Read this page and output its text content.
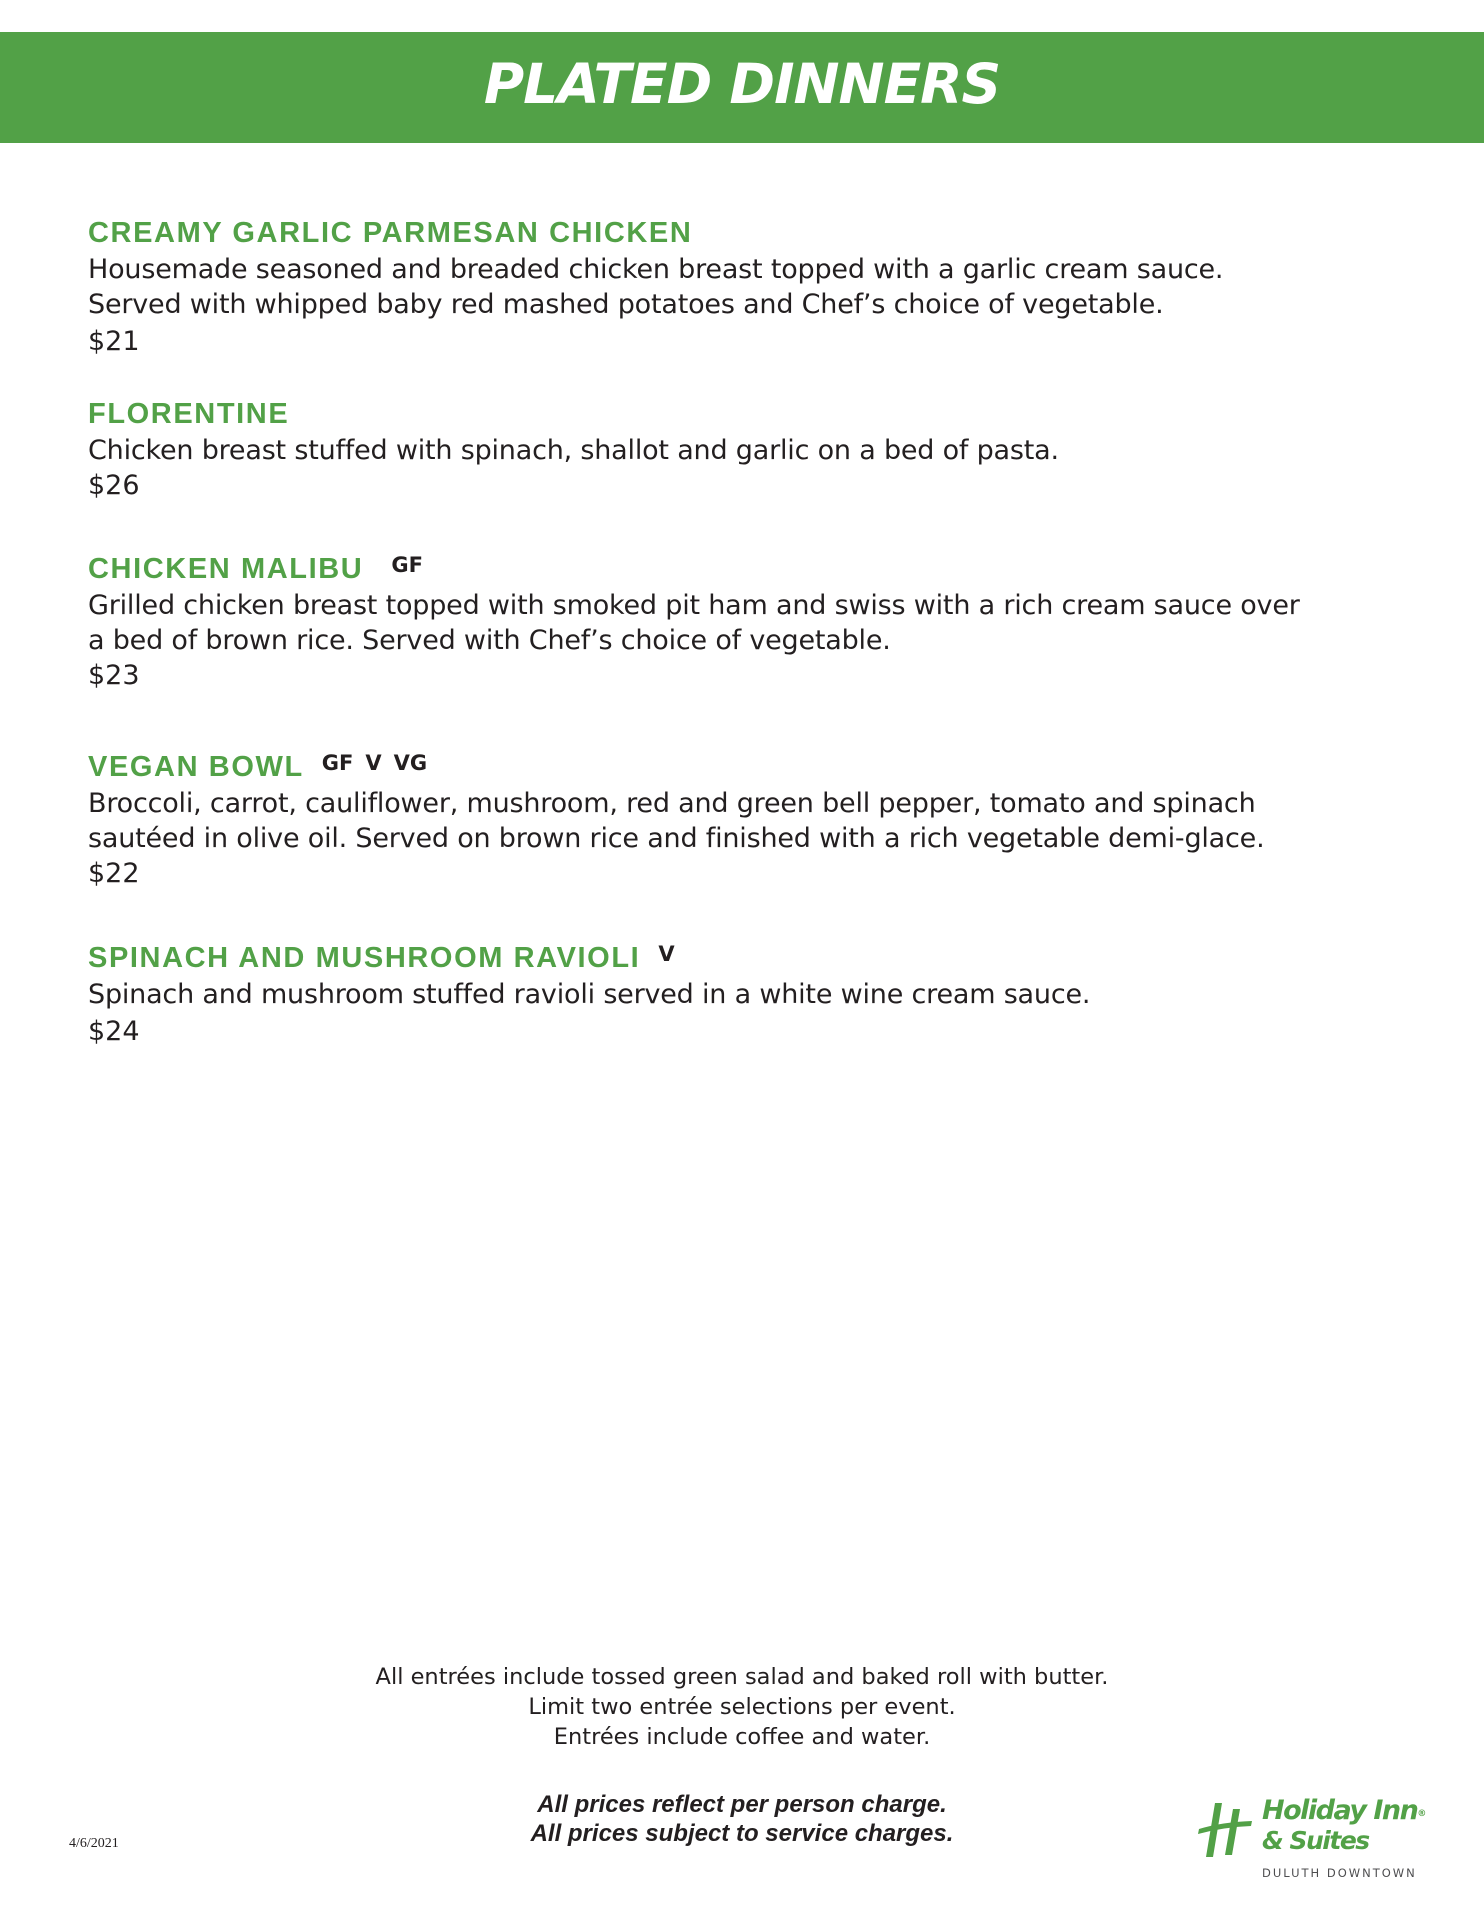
PLATED DINNERS
CREAMY GARLIC PARMESAN CHICKEN
Housemade seasoned and breaded chicken breast topped with a garlic cream sauce.
Served with whipped baby red mashed potatoes and Chef’s choice of vegetable.
$21
FLORENTINE
Chicken breast stuffed with spinach, shallot and garlic on a bed of pasta.
$26
CHICKEN MALIBU GF
Grilled chicken breast topped with smoked pit ham and swiss with a rich cream sauce over
a bed of brown rice. Served with Chef’s choice of vegetable.
$23
VEGAN BOWL GF V VG
Broccoli, carrot, cauliflower, mushroom, red and green bell pepper, tomato and spinach
sautéed in olive oil. Served on brown rice and finished with a rich vegetable demi-glace.
$22
SPINACH AND MUSHROOM RAVIOLI V
Spinach and mushroom stuffed ravioli served in a white wine cream sauce.
$24
All entrées include tossed green salad and baked roll with butter.
Limit two entrée selections per event.
Entrées include coffee and water.
All prices reflect per person charge.
All prices subject to service charges.
4/6/2021
Holiday Inn®
& Suites
DULUTH DOWNTOWN
